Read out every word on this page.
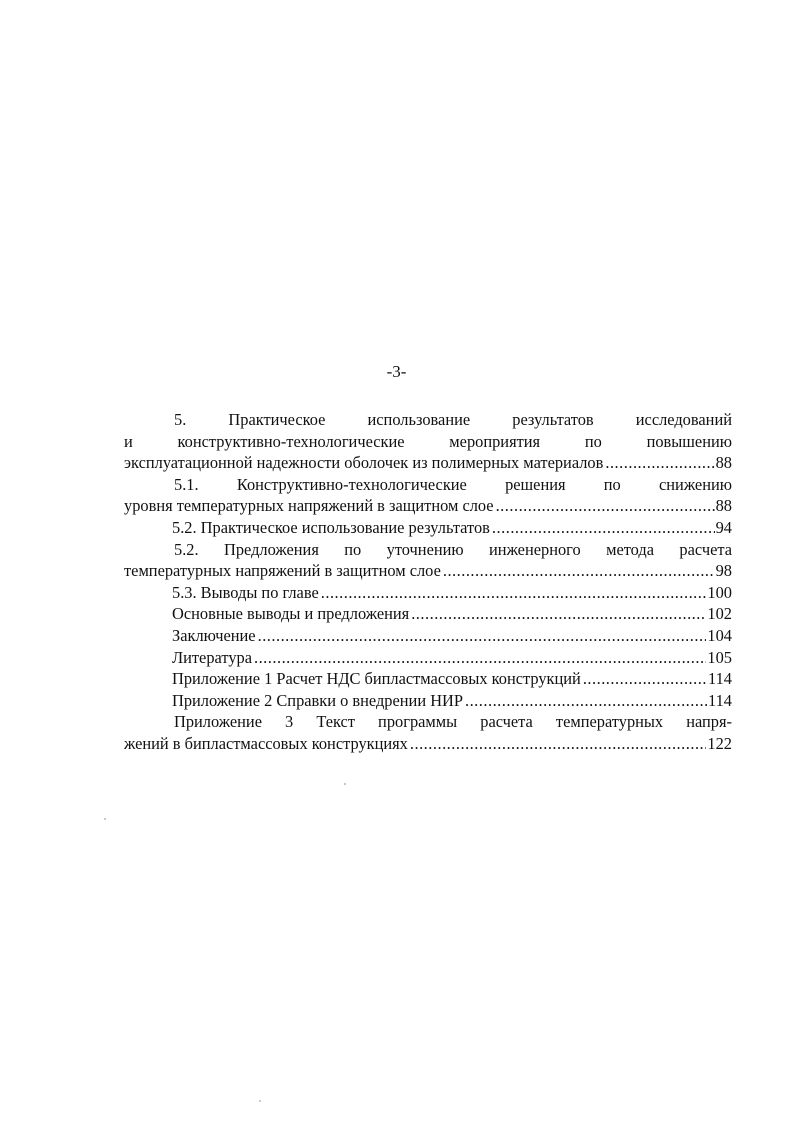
-3-
5. Практическое использование результатов исследований
и конструктивно-технологические мероприятия по повышению
эксплуатационной надежности оболочек из полимерных материалов .....	88
5.1. Конструктивно-технологические решения по снижению
уровня температурных напряжений в защитном слое .....	88
5.2. Практическое использование результатов .....	94
5.2. Предложения по уточнению инженерного метода расчета
температурных напряжений в защитном слое .....	98
5.3. Выводы по главе .....	100
Основные выводы и предложения .....	102
Заключение .....	104
Литература .....	105
Приложение 1 Расчет НДС бипластмассовых конструкций .....	114
Приложение 2 Справки о внедрении НИР .....	114
Приложение 3 Текст программы расчета температурных напря-
жений в бипластмассовых конструкциях .....	122
